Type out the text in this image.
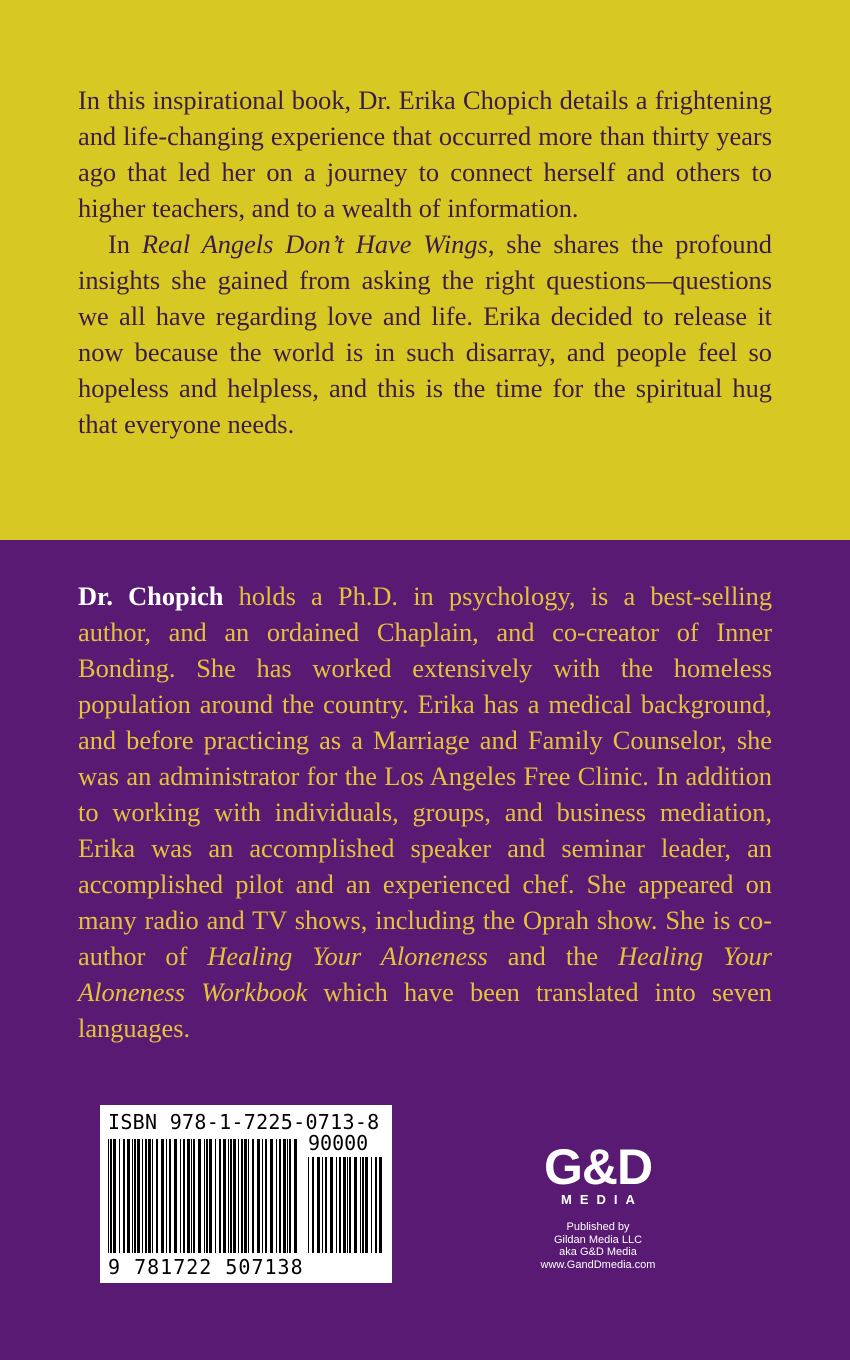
In this inspirational book, Dr. Erika Chopich details a frightening and life-changing experience that occurred more than thirty years ago that led her on a journey to connect herself and others to higher teachers, and to a wealth of information.

In Real Angels Don’t Have Wings, she shares the profound insights she gained from asking the right questions—questions we all have regarding love and life. Erika decided to release it now because the world is in such disarray, and people feel so hopeless and helpless, and this is the time for the spiritual hug that everyone needs.

Dr. Chopich holds a Ph.D. in psychology, is a best-selling author, and an ordained Chaplain, and co-creator of Inner Bonding. She has worked extensively with the homeless population around the country. Erika has a medical background, and before practicing as a Marriage and Family Counselor, she was an administrator for the Los Angeles Free Clinic. In addition to working with individuals, groups, and business mediation, Erika was an accomplished speaker and seminar leader, an accomplished pilot and an experienced chef. She appeared on many radio and TV shows, including the Oprah show. She is co-author of Healing Your Aloneness and the Healing Your Aloneness Workbook which have been translated into seven languages.

ISBN 978-1-7225-0713-8
90000
9 781722 507138
G&D
MEDIA
Published by
Gildan Media LLC
aka G&D Media
www.GandDmedia.com
